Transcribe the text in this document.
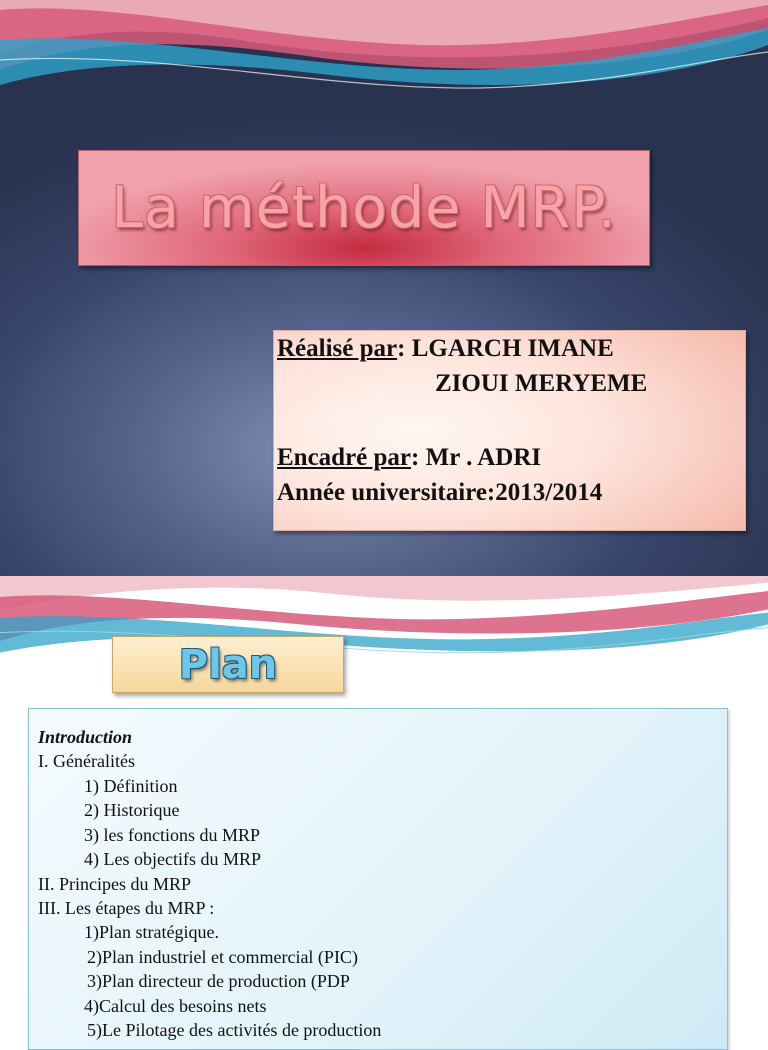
La méthode MRP.
Réalisé par: LGARCH IMANE
ZIOUI MERYEME
Encadré par: Mr . ADRI
Année universitaire:2013/2014
Plan
Introduction
I. Généralités
1) Définition
2) Historique
3) les fonctions du MRP
4) Les objectifs du MRP
II. Principes du MRP
III. Les étapes du MRP :
1)Plan stratégique.
2)Plan industriel et commercial (PIC)
3)Plan directeur de production (PDP
4)Calcul des besoins nets
5)Le Pilotage des activités de production
